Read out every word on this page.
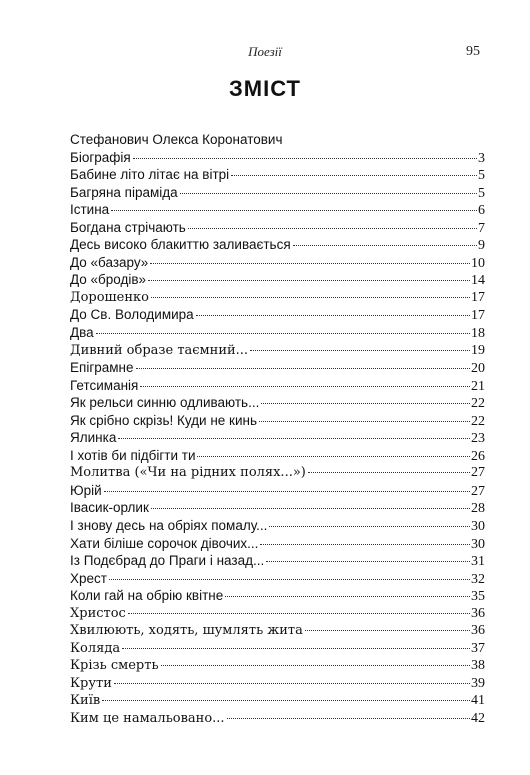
Поезії	95
ЗМІСТ
Стефанович Олекса Коронатович
Біографія	3
Бабине літо літає на вітрі	5
Багряна піраміда	5
Істина	6
Богдана стрічають	7
Десь високо блакиттю заливається	9
До «базару»	10
До «бродів»	14
Дорошенко	17
До Св. Володимира	17
Два	18
Дивний образе таємний...	19
Епіграмне	20
Гетсиманія	21
Як рельси синню одливають...	22
Як срібно скрізь! Куди не кинь	22
Ялинка	23
І хотів би підбігти ти	26
Молитва («Чи на рідних полях...»)	27
Юрій	27
Івасик-орлик	28
І знову десь на обріях помалу...	30
Хати біліше сорочок дівочих...	30
Із Подєбрад до Праги і назад...	31
Хрест	32
Коли гай на обрію квітне	35
Христос	36
Хвилюють, ходять, шумлять жита	36
Коляда	37
Крізь смерть	38
Крути	39
Київ	41
Ким це намальовано...	42
